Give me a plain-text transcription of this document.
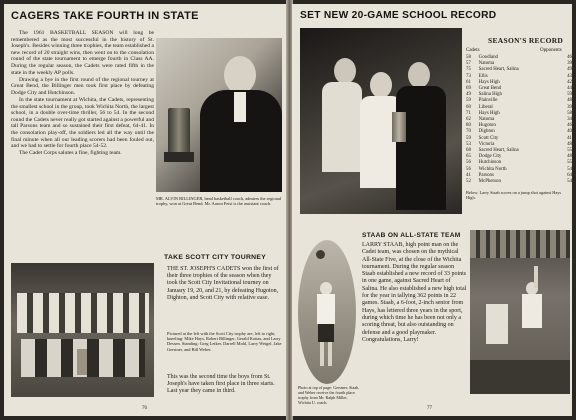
CAGERS TAKE FOURTH IN STATE

The 1961 BASKETBALL SEASON will long be remembered as the most successful in the history of St. Joseph's. Besides winning three trophies, the team established a new record of 20 straight wins, then went on to the consolation round of the state tournament to emerge fourth in Class AA. During the regular season, the Cadets were rated fifth in the state in the weekly AP polls.

Drawing a bye in the first round of the regional tourney at Great Bend, the Billinger men took first place by defeating Dodge City and Hutchinson.

In the state tournament at Wichita, the Cadets, representing the smallest school in the group, took Wichita North, the largest school, in a double over-time thriller, 56 to 54. In the second round the Cadets never really got started against a powerful and tall Parsons team and so sustained their first defeat, 64-41. In the consolation play-off, the soldiers led all the way until the final minute when all our leading scorers had been fouled out, and we had to settle for fourth place 54-52.

The Cadet Corps salutes a fine, fighting team.

MR. ALVIN BILLINGER, head basketball coach, admires the regional trophy, won at Great Bend. Mr. Aaron Feist is the assistant coach.
TAKE SCOTT CITY TOURNEY
THE ST. JOSEPH'S CADETS won the first of their three trophies of the season when they took the Scott City Invitational tourney on January 19, 20, and 21, by defeating Hugoton, Dighton, and Scott City with relative ease.
Pictured at the left with the Scott City trophy are, left to right, kneeling: Mike Hays, Robert Billinger, Gerald Kottas, and Larry Dessen. Standing: Greg Leiker, Darrell Mohl, Larry Weigel, Jake Gerstner, and Bill Weber.
This was the second time the boys from St. Joseph's have taken first place in three starts. Last year they came in third.
76
SET NEW 20-GAME SCHOOL RECORD
SEASON'S RECORD
Cadets	Opponents
58	Goodland	46
57	Natoma	39
75	Sacred Heart, Salina	49
73	Ellis	43
61	Hays High	42
69	Great Bend	44
49	Salina High	59
59	Plainville	48
60	Liberal	39
71	Hays High	58
62	Natoma	34
80	Hugoton	46
70	Dighton	40
59	Scott City	41
53	Victoria	48
68	Sacred Heart, Salina	55
65	Dodge City	48
56	Hutchinson	55
56	Wichita North	54
41	Parsons	64
52	McPherson	54
Below: Larry Staab scores on a jump shot against Hays High.
STAAB ON ALL-STATE TEAM
Photo at top of page: Gerstner, Staab, and Weber receive the fourth place trophy from Mr. Ralph Miller, Wichita U. coach.
LARRY STAAB, high point man on the Cadet team, was chosen on the mythical All-State Five, at the close of the Wichita tournament. During the regular season Staab established a new record of 33 points in one game, against Sacred Heart of Salina. He also established a new high total for the year in tallying 362 points in 22 games. Staab, a 6-foot, 2-inch senior from Hays, has lettered three years in the sport, during which time he has been not only a scoring threat, but also outstanding on defense and a good playmaker. Congratulations, Larry!
77
